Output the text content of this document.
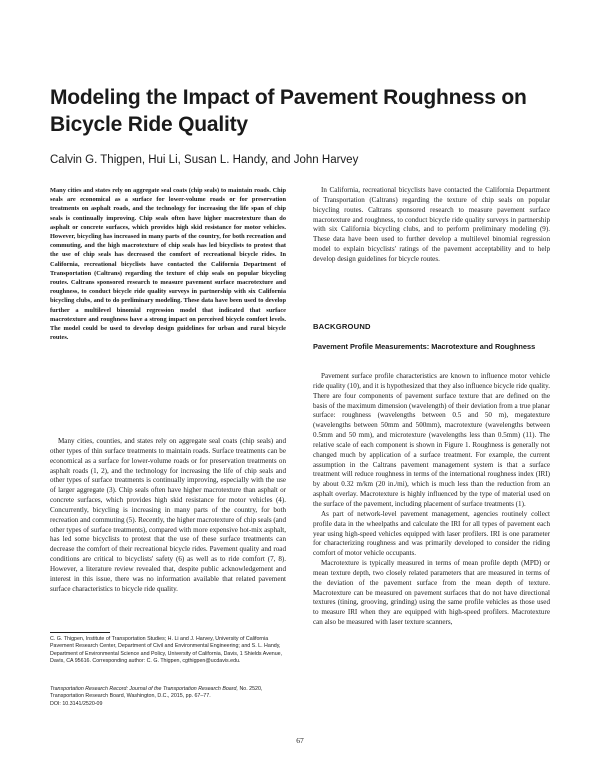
Modeling the Impact of Pavement Roughness on Bicycle Ride Quality
Calvin G. Thigpen, Hui Li, Susan L. Handy, and John Harvey
Many cities and states rely on aggregate seal coats (chip seals) to maintain roads. Chip seals are economical as a surface for lower-volume roads or for preservation treatments on asphalt roads, and the technology for increasing the life span of chip seals is continually improving. Chip seals often have higher macrotexture than do asphalt or concrete surfaces, which provides high skid resistance for motor vehicles. However, bicycling has increased in many parts of the country, for both recreation and commuting, and the high macrotexture of chip seals has led bicyclists to protest that the use of chip seals has decreased the comfort of recreational bicycle rides. In California, recreational bicyclists have contacted the California Department of Transportation (Caltrans) regarding the texture of chip seals on popular bicycling routes. Caltrans sponsored research to measure pavement surface macrotexture and roughness, to conduct bicycle ride quality surveys in partnership with six California bicycling clubs, and to do preliminary modeling. These data have been used to develop further a multilevel binomial regression model that indicated that surface macrotexture and roughness have a strong impact on perceived bicycle comfort levels. The model could be used to develop design guidelines for urban and rural bicycle routes.

Many cities, counties, and states rely on aggregate seal coats (chip seals) and other types of thin surface treatments to maintain roads. Surface treatments can be economical as a surface for lower-volume roads or for preservation treatments on asphalt roads (1, 2), and the technology for increasing the life of chip seals and other types of surface treatments is continually improving, especially with the use of larger aggregate (3). Chip seals often have higher macrotexture than asphalt or concrete surfaces, which provides high skid resistance for motor vehicles (4). Concurrently, bicycling is increasing in many parts of the country, for both recreation and commuting (5). Recently, the higher macrotexture of chip seals (and other types of surface treatments), compared with more expensive hot-mix asphalt, has led some bicyclists to protest that the use of these surface treatments can decrease the comfort of their recreational bicycle rides. Pavement quality and road conditions are critical to bicyclists' safety (6) as well as to ride comfort (7, 8). However, a literature review revealed that, despite public acknowledgement and interest in this issue, there was no information available that related pavement surface characteristics to bicycle ride quality.

C. G. Thigpen, Institute of Transportation Studies; H. Li and J. Harvey, University of California Pavement Research Center, Department of Civil and Environmental Engineering; and S. L. Handy, Department of Environmental Science and Policy, University of California, Davis, 1 Shields Avenue, Davis, CA 95616. Corresponding author: C. G. Thigpen, cgthigpen@ucdavis.edu.

Transportation Research Record: Journal of the Transportation Research Board, No. 2520, Transportation Research Board, Washington, D.C., 2015, pp. 67–77.
DOI: 10.3141/2520-09

In California, recreational bicyclists have contacted the California Department of Transportation (Caltrans) regarding the texture of chip seals on popular bicycling routes. Caltrans sponsored research to measure pavement surface macrotexture and roughness, to conduct bicycle ride quality surveys in partnership with six California bicycling clubs, and to perform preliminary modeling (9). These data have been used to further develop a multilevel binomial regression model to explain bicyclists' ratings of the pavement acceptability and to help develop design guidelines for bicycle routes.

BACKGROUND
Pavement Profile Measurements: Macrotexture and Roughness

Pavement surface profile characteristics are known to influence motor vehicle ride quality (10), and it is hypothesized that they also influence bicycle ride quality. There are four components of pavement surface texture that are defined on the basis of the maximum dimension (wavelength) of their deviation from a true planar surface: roughness (wavelengths between 0.5 and 50 m), megatexture (wavelengths between 50mm and 500mm), macrotexture (wavelengths between 0.5mm and 50 mm), and microtexture (wavelengths less than 0.5mm) (11). The relative scale of each component is shown in Figure 1. Roughness is generally not changed much by application of a surface treatment. For example, the current assumption in the Caltrans pavement management system is that a surface treatment will reduce roughness in terms of the international roughness index (IRI) by about 0.32 m/km (20 in./mi), which is much less than the reduction from an asphalt overlay. Macrotexture is highly influenced by the type of material used on the surface of the pavement, including placement of surface treatments (1).

As part of network-level pavement management, agencies routinely collect profile data in the wheelpaths and calculate the IRI for all types of pavement each year using high-speed vehicles equipped with laser profilers. IRI is one parameter for characterizing roughness and was primarily developed to consider the riding comfort of motor vehicle occupants.

Macrotexture is typically measured in terms of mean profile depth (MPD) or mean texture depth, two closely related parameters that are measured in terms of the deviation of the pavement surface from the mean depth of texture. Macrotexture can be measured on pavement surfaces that do not have directional textures (tining, grooving, grinding) using the same profile vehicles as those used to measure IRI when they are equipped with high-speed profilers. Macrotexture can also be measured with laser texture scanners,

67
